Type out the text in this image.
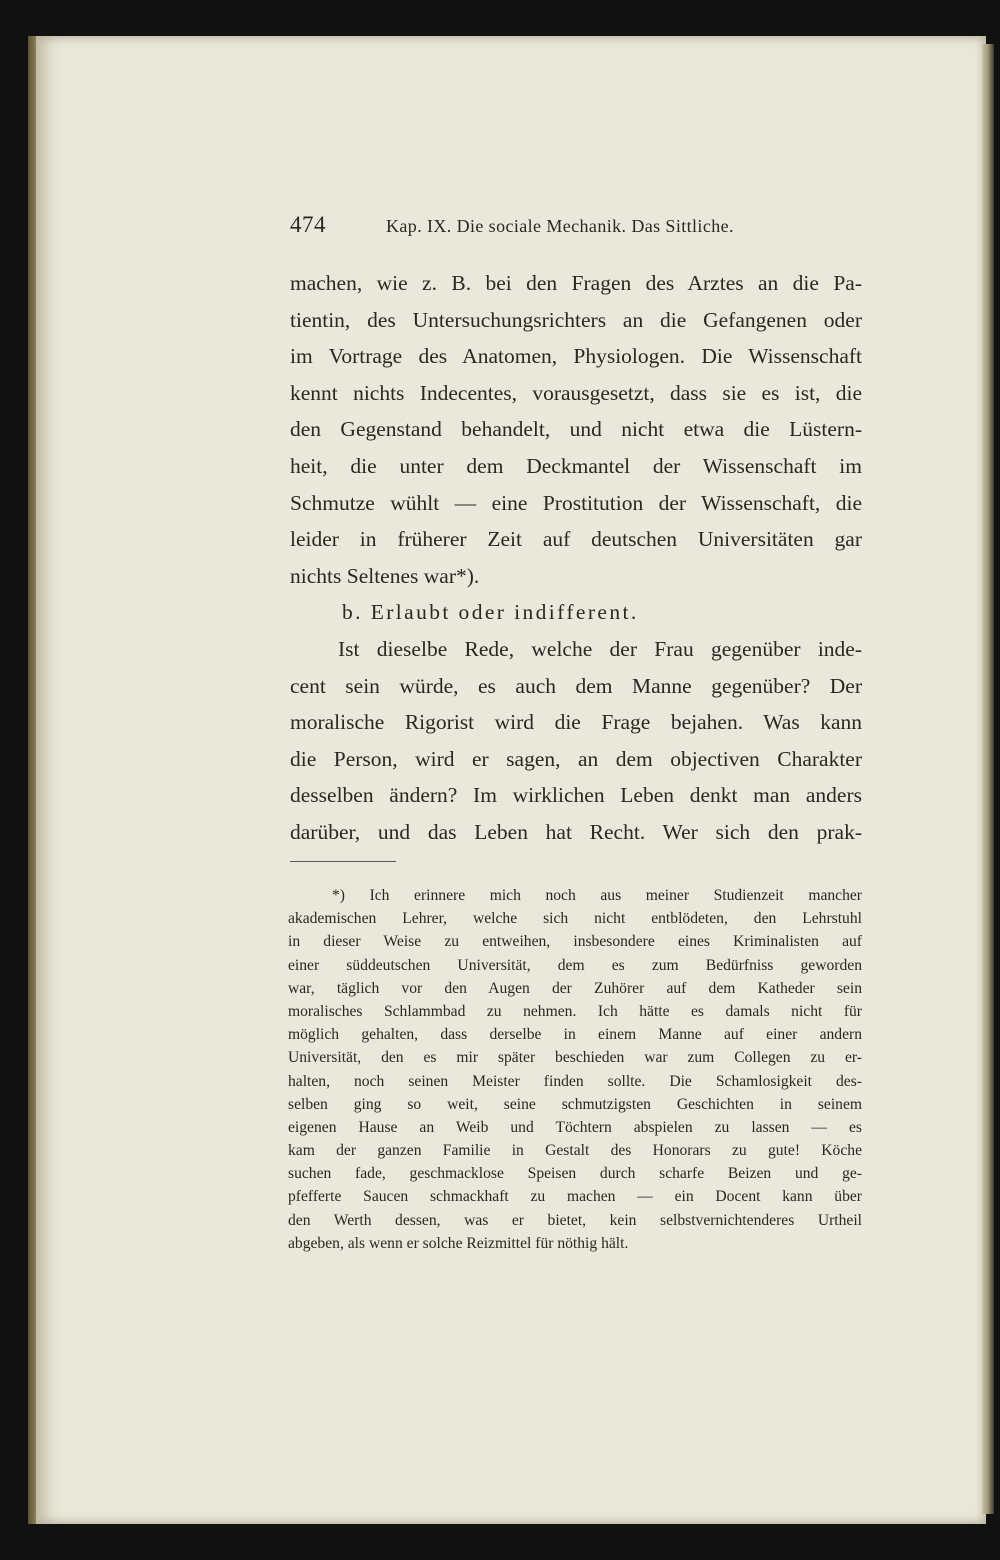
474	Kap. IX. Die sociale Mechanik. Das Sittliche.
machen, wie z. B. bei den Fragen des Arztes an die Pa-
tientin, des Untersuchungsrichters an die Gefangenen oder
im Vortrage des Anatomen, Physiologen. Die Wissenschaft
kennt nichts Indecentes, vorausgesetzt, dass sie es ist, die
den Gegenstand behandelt, und nicht etwa die Lüstern-
heit, die unter dem Deckmantel der Wissenschaft im
Schmutze wühlt — eine Prostitution der Wissenschaft, die
leider in früherer Zeit auf deutschen Universitäten gar
nichts Seltenes war*).
b. Erlaubt oder indifferent.
Ist dieselbe Rede, welche der Frau gegenüber inde-
cent sein würde, es auch dem Manne gegenüber? Der
moralische Rigorist wird die Frage bejahen. Was kann
die Person, wird er sagen, an dem objectiven Charakter
desselben ändern? Im wirklichen Leben denkt man anders
darüber, und das Leben hat Recht. Wer sich den prak-
*) Ich erinnere mich noch aus meiner Studienzeit mancher
akademischen Lehrer, welche sich nicht entblödeten, den Lehrstuhl
in dieser Weise zu entweihen, insbesondere eines Kriminalisten auf
einer süddeutschen Universität, dem es zum Bedürfniss geworden
war, täglich vor den Augen der Zuhörer auf dem Katheder sein
moralisches Schlammbad zu nehmen. Ich hätte es damals nicht für
möglich gehalten, dass derselbe in einem Manne auf einer andern
Universität, den es mir später beschieden war zum Collegen zu er-
halten, noch seinen Meister finden sollte. Die Schamlosigkeit des-
selben ging so weit, seine schmutzigsten Geschichten in seinem
eigenen Hause an Weib und Töchtern abspielen zu lassen — es
kam der ganzen Familie in Gestalt des Honorars zu gute! Köche
suchen fade, geschmacklose Speisen durch scharfe Beizen und ge-
pfefferte Saucen schmackhaft zu machen — ein Docent kann über
den Werth dessen, was er bietet, kein selbstvernichtenderes Urtheil
abgeben, als wenn er solche Reizmittel für nöthig hält.
